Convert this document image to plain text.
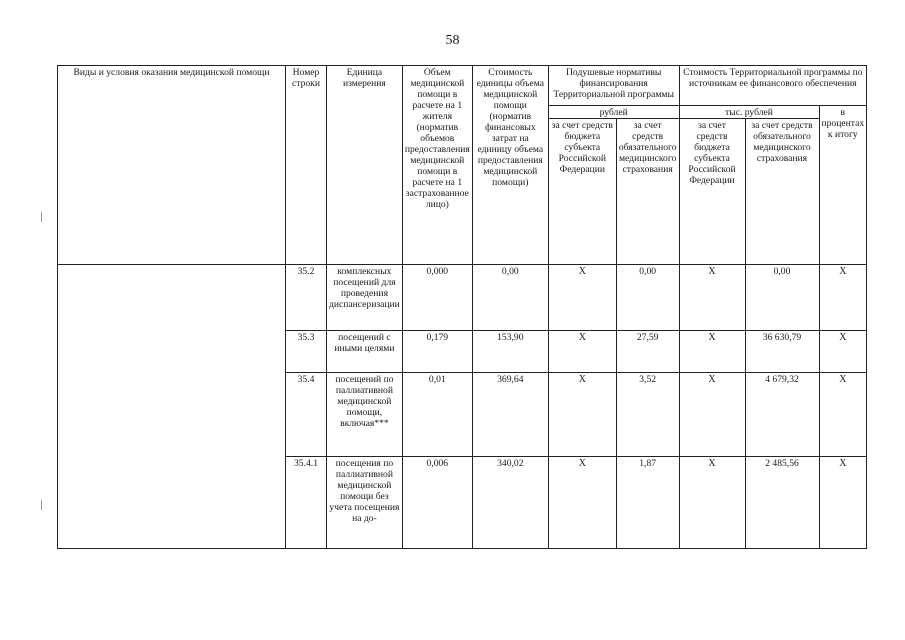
58
Виды и условия оказания медицинской помощи	Номер строки	Единица измерения	Объем медицинской помощи в расчете на 1 жителя (норматив объемов предоставления медицинской помощи в расчете на 1 застрахованное лицо)	Стоимость единицы объема медицинской помощи (норматив финансовых затрат на единицу объема предоставления медицинской помощи)	Подушевые нормативы финансирования Территориальной программы		Стоимость Территориальной программы по источникам ее финансового обеспечения		
					рублей		тыс. рублей		в процентах к итогу
					за счет средств бюджета субъекта Российской Федерации	за счет средств обязательного медицинского страхования	за счет средств бюджета субъекта Российской Федерации	за счет средств обязательного медицинского страхования	
	35.2	комплексных посещений для проведения диспансеризации	0,000	0,00	X	0,00	X	0,00	X
	35.3	посещений с иными целями	0,179	153,90	X	27,59	X	36 630,79	X
	35.4	посещений по паллиативной медицинской помощи, включая***	0,01	369,64	X	3,52	X	4 679,32	X
	35.4.1	посещения по паллиативной медицинской помощи без учета посещения на до-	0,006	340,02	X	1,87	X	2 485,56	X
